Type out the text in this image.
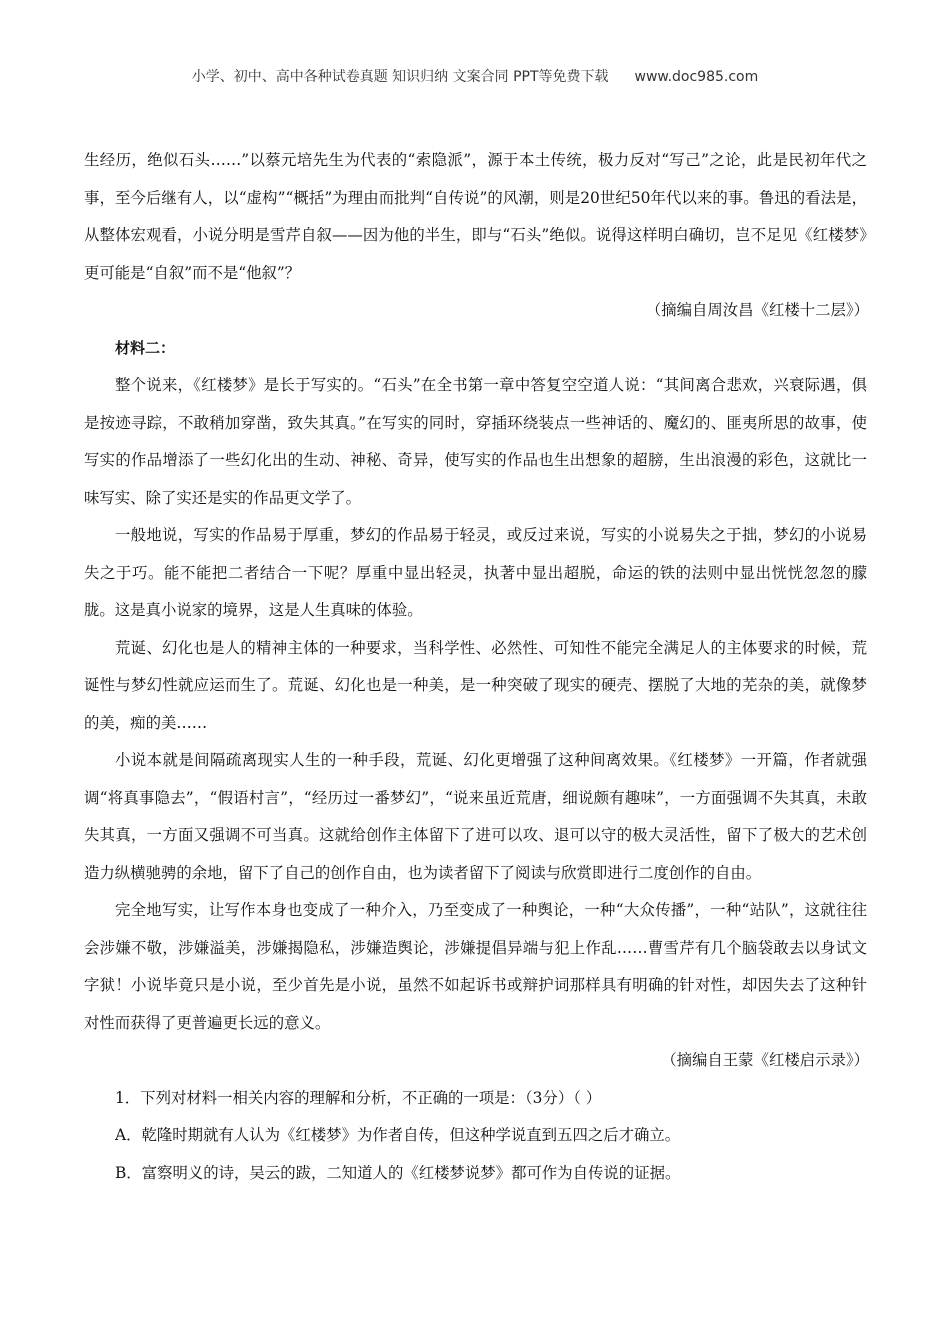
小学、初中、高中各种试卷真题 知识归纳 文案合同 PPT等免费下载 www.doc985.com

生经历，绝似石头……”以蔡元培先生为代表的“索隐派”，源于本土传统，极力反对“写己”之论，此是民初年代之事，至今后继有人，以“虚构”“概括”为理由而批判“自传说”的风潮，则是20世纪50年代以来的事。鲁迅的看法是，从整体宏观看，小说分明是雪芹自叙——因为他的半生，即与“石头”绝似。说得这样明白确切，岂不足见《红楼梦》更可能是“自叙”而不是“他叙”？

（摘编自周汝昌《红楼十二层》）
材料二：

整个说来，《红楼梦》是长于写实的。“石头”在全书第一章中答复空空道人说：“其间离合悲欢，兴衰际遇，俱是按迹寻踪，不敢稍加穿凿，致失其真。”在写实的同时，穿插环绕装点一些神话的、魔幻的、匪夷所思的故事，使写实的作品增添了一些幻化出的生动、神秘、奇异，使写实的作品也生出想象的超膀，生出浪漫的彩色，这就比一味写实、除了实还是实的作品更文学了。

一般地说，写实的作品易于厚重，梦幻的作品易于轻灵，或反过来说，写实的小说易失之于拙，梦幻的小说易失之于巧。能不能把二者结合一下呢？厚重中显出轻灵，执著中显出超脱，命运的铁的法则中显出恍恍忽忽的朦胧。这是真小说家的境界，这是人生真味的体验。

荒诞、幻化也是人的精神主体的一种要求，当科学性、必然性、可知性不能完全满足人的主体要求的时候，荒诞性与梦幻性就应运而生了。荒诞、幻化也是一种美，是一种突破了现实的硬壳、摆脱了大地的芜杂的美，就像梦的美，痴的美……

小说本就是间隔疏离现实人生的一种手段，荒诞、幻化更增强了这种间离效果。《红楼梦》一开篇，作者就强调“将真事隐去”，“假语村言”，“经历过一番梦幻”，“说来虽近荒唐，细说颇有趣味”，一方面强调不失其真，未敢失其真，一方面又强调不可当真。这就给创作主体留下了进可以攻、退可以守的极大灵活性，留下了极大的艺术创造力纵横驰骋的余地，留下了自己的创作自由，也为读者留下了阅读与欣赏即进行二度创作的自由。

完全地写实，让写作本身也变成了一种介入，乃至变成了一种舆论，一种“大众传播”，一种“站队”，这就往往会涉嫌不敬，涉嫌溢美，涉嫌揭隐私，涉嫌造舆论，涉嫌提倡异端与犯上作乱……曹雪芹有几个脑袋敢去以身试文字狱！小说毕竟只是小说，至少首先是小说，虽然不如起诉书或辩护词那样具有明确的针对性，却因失去了这种针对性而获得了更普遍更长远的意义。

（摘编自王蒙《红楼启示录》）
1．下列对材料一相关内容的理解和分析，不正确的一项是：（3分）（ ）
A．乾隆时期就有人认为《红楼梦》为作者自传，但这种学说直到五四之后才确立。
B．富察明义的诗，吴云的跋，二知道人的《红楼梦说梦》都可作为自传说的证据。
